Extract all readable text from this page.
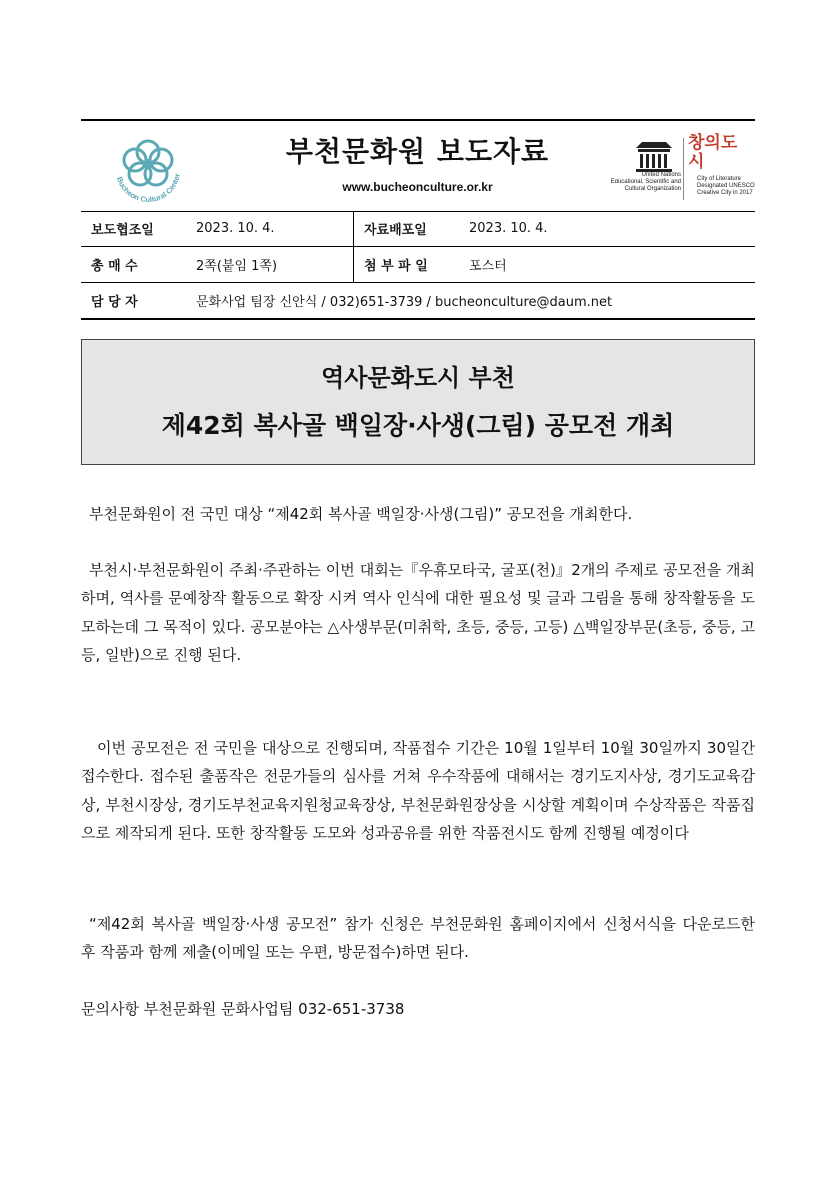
Bucheon Cultural Center
부천문화원 보도자료
www.bucheonculture.or.kr
United Nations
Educational, Scientific and
Cultural Organization
창의도시
City of Literature
Designated UNESCO
Creative City in 2017
보도협조일	2023. 10. 4.	자료배포일	2023. 10. 4.
총 매 수	2쪽(붙임 1쪽)	첨 부 파 일	포스터
담 당 자	문화사업 팀장 신안식 / 032)651-3739 / bucheonculture@daum.net		
역사문화도시 부천
제42회 복사골 백일장·사생(그림) 공모전 개최
부천문화원이 전 국민 대상 “제42회 복사골 백일장·사생(그림)” 공모전을 개최한다.
부천시·부천문화원이 주최·주관하는 이번 대회는『우휴모타국, 굴포(천)』2개의 주제로 공모전을 개최하며, 역사를 문예창작 활동으로 확장 시켜 역사 인식에 대한 필요성 및 글과 그림을 통해 창작활동을 도모하는데 그 목적이 있다. 공모분야는 △사생부문(미취학, 초등, 중등, 고등) △백일장부문(초등, 중등, 고등, 일반)으로 진행 된다.
이번 공모전은 전 국민을 대상으로 진행되며, 작품접수 기간은 10월 1일부터 10월 30일까지 30일간 접수한다. 접수된 출품작은 전문가들의 심사를 거쳐 우수작품에 대해서는 경기도지사상, 경기도교육감상, 부천시장상, 경기도부천교육지원청교육장상, 부천문화원장상을 시상할 계획이며 수상작품은 작품집으로 제작되게 된다. 또한 창작활동 도모와 성과공유를 위한 작품전시도 함께 진행될 예정이다
“제42회 복사골 백일장·사생 공모전” 참가 신청은 부천문화원 홈페이지에서 신청서식을 다운로드한 후 작품과 함께 제출(이메일 또는 우편, 방문접수)하면 된다.
문의사항 부천문화원 문화사업팀 032-651-3738
